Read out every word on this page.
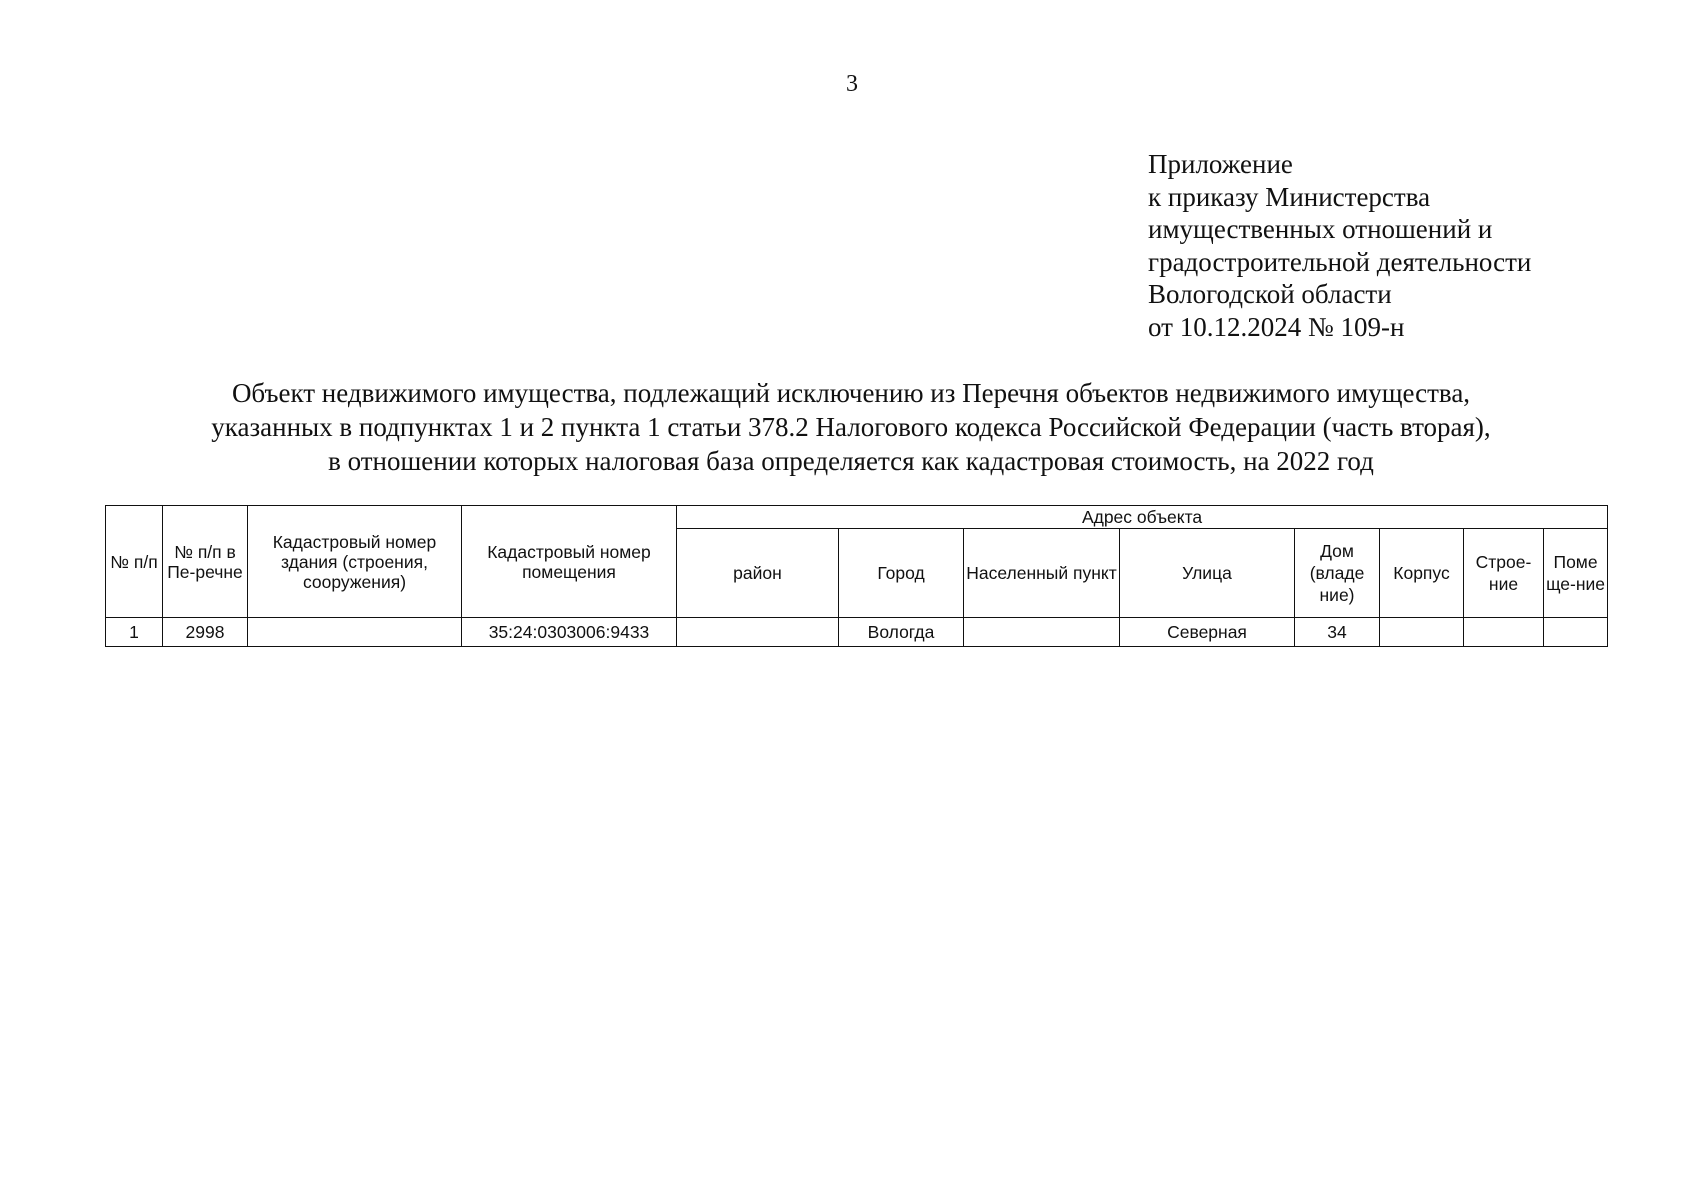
3
Приложение
к приказу Министерства
имущественных отношений и
градостроительной деятельности
Вологодской области
от 10.12.2024 № 109-н
Объект недвижимого имущества, подлежащий исключению из Перечня объектов недвижимого имущества,
указанных в подпунктах 1 и 2 пункта 1 статьи 378.2 Налогового кодекса Российской Федерации (часть вторая),
в отношении которых налоговая база определяется как кадастровая стоимость, на 2022 год
№ п/п	№ п/п в Пе-речне	Кадастровый номер здания (строения, сооружения)	Кадастровый номер помещения	Адрес объекта							
				район	Город	Населенный пункт	Улица	Дом (владе ние)	Корпус	Строе-ние	Поме ще-ние
1	2998		35:24:0303006:9433		Вологда		Северная	34			
